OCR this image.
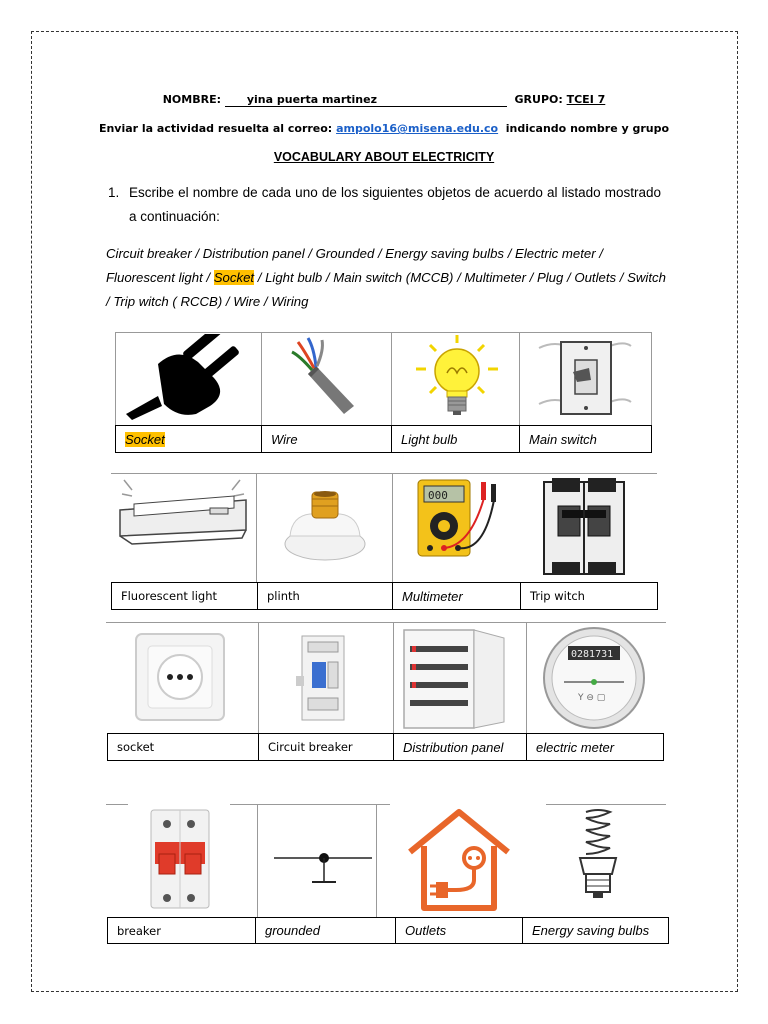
NOMBRE: yina puerta martinez	GRUPO: TCEI 7
Enviar la actividad resuelta al correo: ampolo16@misena.edu.co indicando nombre y grupo
VOCABULARY ABOUT ELECTRICITY
1. Escribe el nombre de cada uno de los siguientes objetos de acuerdo al listado mostrado a continuación:
Circuit breaker / Distribution panel / Grounded / Energy saving bulbs / Electric meter / Fluorescent light / Socket / Light bulb / Main switch (MCCB) / Multimeter / Plug / Outlets / Switch / Trip witch ( RCCB) / Wire / Wiring
Socket	Wire	Light bulb	Main switch
000
Fluorescent light	plinth	Multimeter	Trip witch
0281731
Y ⊖ ▢
socket	Circuit breaker	Distribution panel	electric meter
breaker	grounded	Outlets	Energy saving bulbs
